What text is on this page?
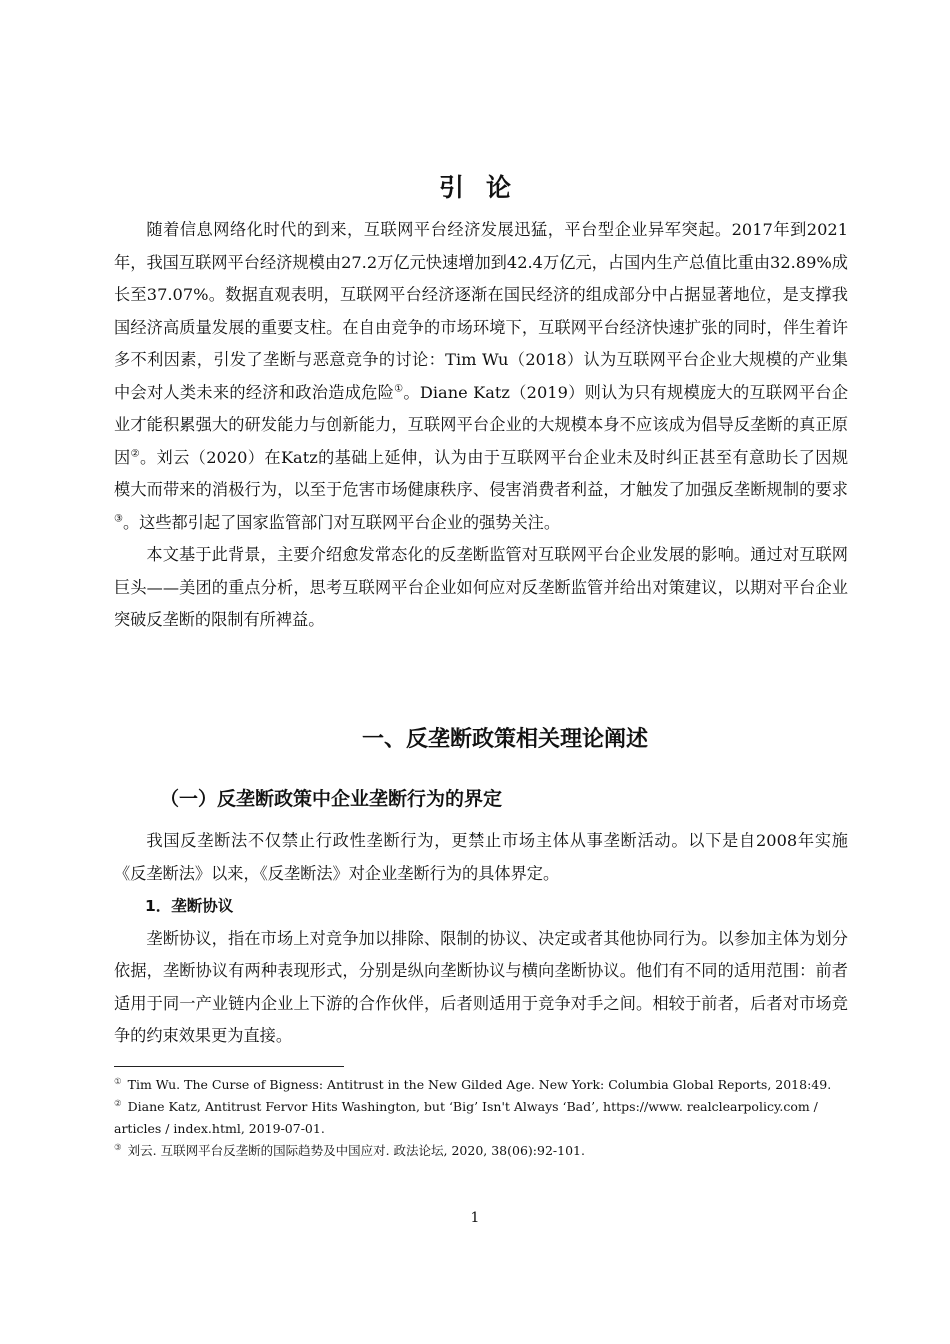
引论

随着信息网络化时代的到来，互联网平台经济发展迅猛，平台型企业异军突起。2017年到2021年，我国互联网平台经济规模由27.2万亿元快速增加到42.4万亿元，占国内生产总值比重由32.89%成长至37.07%。数据直观表明，互联网平台经济逐渐在国民经济的组成部分中占据显著地位，是支撑我国经济高质量发展的重要支柱。在自由竞争的市场环境下，互联网平台经济快速扩张的同时，伴生着许多不利因素，引发了垄断与恶意竞争的讨论：Tim Wu（2018）认为互联网平台企业大规模的产业集中会对人类未来的经济和政治造成危险①。Diane Katz（2019）则认为只有规模庞大的互联网平台企业才能积累强大的研发能力与创新能力，互联网平台企业的大规模本身不应该成为倡导反垄断的真正原因②。刘云（2020）在Katz的基础上延伸，认为由于互联网平台企业未及时纠正甚至有意助长了因规模大而带来的消极行为，以至于危害市场健康秩序、侵害消费者利益，才触发了加强反垄断规制的要求③。这些都引起了国家监管部门对互联网平台企业的强势关注。

本文基于此背景，主要介绍愈发常态化的反垄断监管对互联网平台企业发展的影响。通过对互联网巨头——美团的重点分析，思考互联网平台企业如何应对反垄断监管并给出对策建议，以期对平台企业突破反垄断的限制有所裨益。

一、反垄断政策相关理论阐述
（一）反垄断政策中企业垄断行为的界定

我国反垄断法不仅禁止行政性垄断行为，更禁止市场主体从事垄断活动。以下是自2008年实施《反垄断法》以来，《反垄断法》对企业垄断行为的具体界定。

1．垄断协议

垄断协议，指在市场上对竞争加以排除、限制的协议、决定或者其他协同行为。以参加主体为划分依据，垄断协议有两种表现形式，分别是纵向垄断协议与横向垄断协议。他们有不同的适用范围：前者适用于同一产业链内企业上下游的合作伙伴，后者则适用于竞争对手之间。相较于前者，后者对市场竞争的约束效果更为直接。

① Tim Wu. The Curse of Bigness: Antitrust in the New Gilded Age. New York: Columbia Global Reports, 2018:49.

② Diane Katz, Antitrust Fervor Hits Washington, but ‘Big’ Isn't Always ‘Bad’, https://www. realclearpolicy.com / articles / index.html, 2019-07-01.

③ 刘云. 互联网平台反垄断的国际趋势及中国应对. 政法论坛, 2020, 38(06):92-101.

1
